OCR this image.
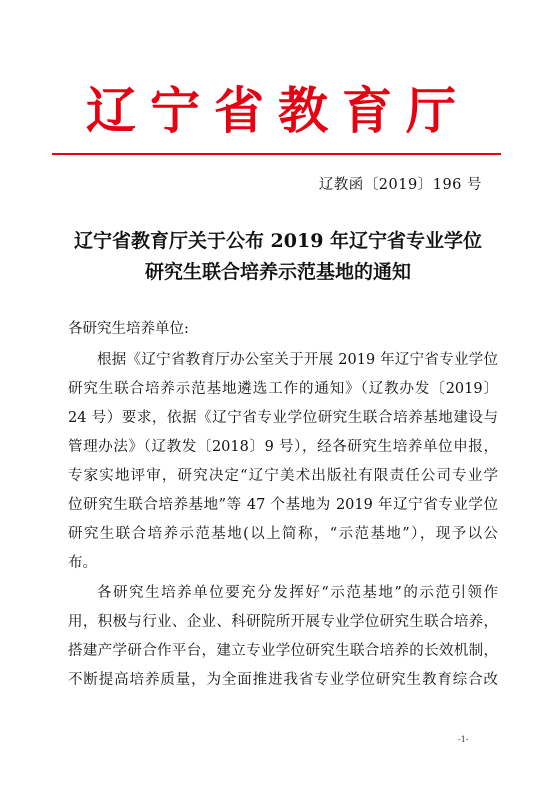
辽宁省教育厅
辽教函〔2019〕196 号
辽宁省教育厅关于公布 2019 年辽宁省专业学位
研究生联合培养示范基地的通知
各研究生培养单位:
根据《辽宁省教育厅办公室关于开展 2019 年辽宁省专业学位
研究生联合培养示范基地遴选工作的通知》（辽教办发〔2019〕
24 号）要求，依据《辽宁省专业学位研究生联合培养基地建设与
管理办法》（辽教发〔2018〕9 号），经各研究生培养单位申报，
专家实地评审，研究决定“辽宁美术出版社有限责任公司专业学
位研究生联合培养基地”等 47 个基地为 2019 年辽宁省专业学位
研究生联合培养示范基地(以上简称，“示范基地”），现予以公
布。
各研究生培养单位要充分发挥好“示范基地”的示范引领作
用，积极与行业、企业、科研院所开展专业学位研究生联合培养，
搭建产学研合作平台，建立专业学位研究生联合培养的长效机制，
不断提高培养质量，为全面推进我省专业学位研究生教育综合改
-1-
